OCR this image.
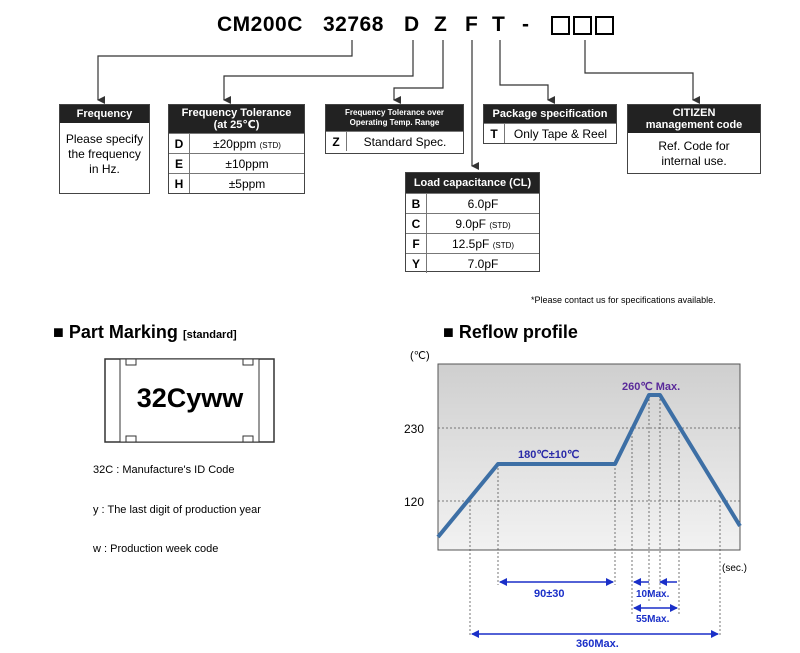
CM200C 32768 D Z F T -
Frequency
Please specify the frequency in Hz.
Frequency Tolerance
(at 25℃)
D	±20ppm (STD)
E	±10ppm
H	±5ppm
Frequency Tolerance over
Operating Temp. Range
Z	Standard Spec.
Package specification
T	Only Tape & Reel
CITIZEN
management code
Ref. Code for internal use.
Load capacitance (CL)
B	6.0pF
C	9.0pF (STD)
F	12.5pF (STD)
Y	7.0pF
*Please contact us for specifications available.
■ Part Marking [standard]
32Cyww
32C : Manufacture's ID Code
y : The last digit of production year
w : Production week code
■ Reflow profile
(℃)
230
120
(sec.)
260℃ Max.
180℃±10℃
90±30	10Max.
55Max.
360Max.
